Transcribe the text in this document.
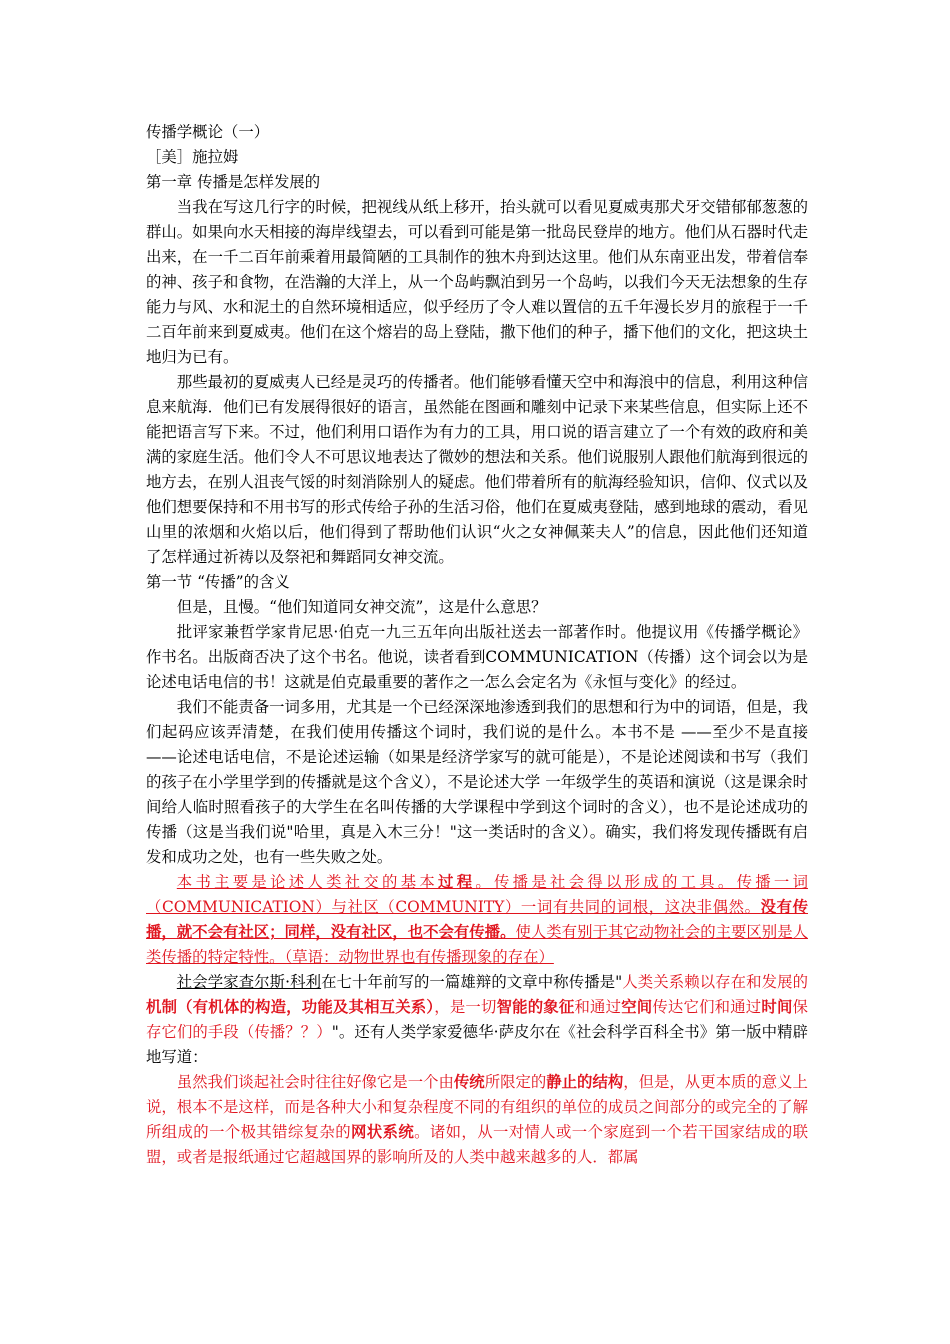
传播学概论（一）

［美］施拉姆

第一章 传播是怎样发展的

当我在写这几行字的时候，把视线从纸上移开，抬头就可以看见夏威夷那犬牙交错郁郁葱葱的群山。如果向水天相接的海岸线望去，可以看到可能是第一批岛民登岸的地方。他们从石器时代走出来，在一千二百年前乘着用最简陋的工具制作的独木舟到达这里。他们从东南亚出发，带着信奉的神、孩子和食物，在浩瀚的大洋上，从一个岛屿飘泊到另一个岛屿，以我们今天无法想象的生存能力与风、水和泥土的自然环境相适应，似乎经历了令人难以置信的五千年漫长岁月的旅程于一千二百年前来到夏威夷。他们在这个熔岩的岛上登陆，撒下他们的种子，播下他们的文化，把这块土地归为已有。

那些最初的夏威夷人已经是灵巧的传播者。他们能够看懂天空中和海浪中的信息，利用这种信息来航海．他们已有发展得很好的语言，虽然能在图画和雕刻中记录下来某些信息，但实际上还不能把语言写下来。不过，他们利用口语作为有力的工具，用口说的语言建立了一个有效的政府和美满的家庭生活。他们令人不可思议地表达了微妙的想法和关系。他们说服别人跟他们航海到很远的地方去，在别人沮丧气馁的时刻消除别人的疑虑。他们带着所有的航海经验知识，信仰、仪式以及他们想要保持和不用书写的形式传给子孙的生活习俗，他们在夏威夷登陆，感到地球的震动，看见山里的浓烟和火焰以后，他们得到了帮助他们认识“火之女神佩莱夫人”的信息，因此他们还知道了怎样通过祈祷以及祭祀和舞蹈同女神交流。

第一节 “传播”的含义

但是，且慢。“他们知道同女神交流”，这是什么意思？

批评家兼哲学家肯尼思·伯克一九三五年向出版社送去一部著作时。他提议用《传播学概论》作书名。出版商否决了这个书名。他说，读者看到COMMUNICATION（传播）这个词会以为是论述电话电信的书！这就是伯克最重要的著作之一怎么会定名为《永恒与变化》的经过。

我们不能责备一词多用，尤其是一个已经深深地渗透到我们的思想和行为中的词语，但是，我们起码应该弄清楚，在我们使用传播这个词时，我们说的是什么。本书不是 ——至少不是直接——论述电话电信，不是论述运输（如果是经济学家写的就可能是），不是论述阅读和书写（我们的孩子在小学里学到的传播就是这个含义），不是论述大学 一年级学生的英语和演说（这是课余时间给人临时照看孩子的大学生在名叫传播的大学课程中学到这个词时的含义），也不是论述成功的传播（这是当我们说"哈里，真是入木三分！"这一类话时的含义）。确实，我们将发现传播既有启发和成功之处，也有一些失败之处。

本书主要是论述人类社交的基本过程。传播是社会得以形成的工具。传播一词（COMMUNICATION）与社区（COMMUNITY）一词有共同的词根，这决非偶然。没有传播，就不会有社区；同样，没有社区，也不会有传播。使人类有别于其它动物社会的主要区别是人类传播的特定特性。（草语：动物世界也有传播现象的存在）

社会学家查尔斯·科利在七十年前写的一篇雄辩的文章中称传播是"人类关系赖以存在和发展的机制（有机体的构造，功能及其相互关系），是一切智能的象征和通过空间传达它们和通过时间保存它们的手段（传播？？）"。还有人类学家爱德华·萨皮尔在《社会科学百科全书》第一版中精辟地写道：

虽然我们谈起社会时往往好像它是一个由传统所限定的静止的结构，但是，从更本质的意义上说，根本不是这样，而是各种大小和复杂程度不同的有组织的单位的成员之间部分的或完全的了解所组成的一个极其错综复杂的网状系统。诸如，从一对情人或一个家庭到一个若干国家结成的联盟，或者是报纸通过它超越国界的影响所及的人类中越来越多的人．都属
